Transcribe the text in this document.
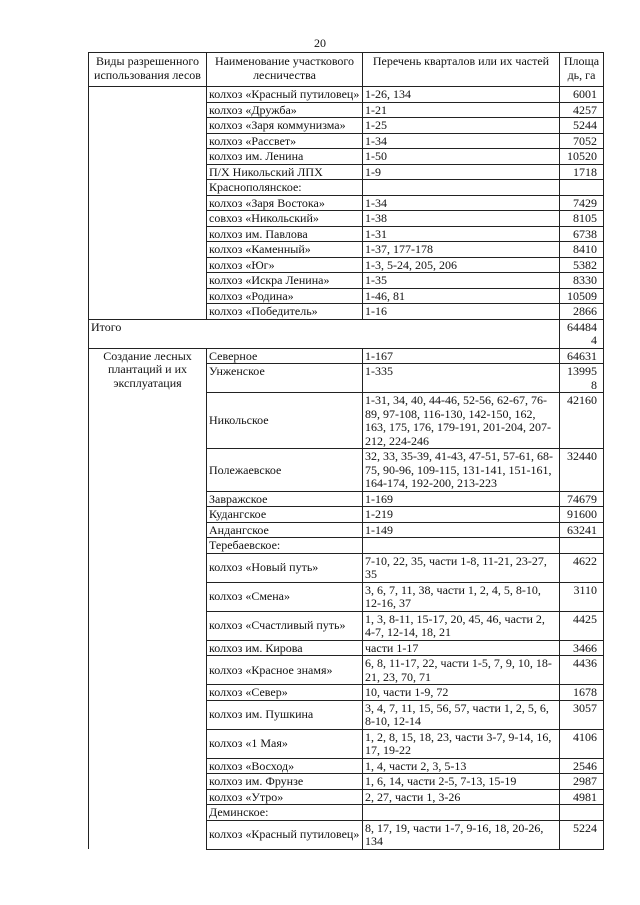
20
Виды разрешенного использования лесов	Наименование участкового лесничества	Перечень кварталов или их частей	Площадь, га
	колхоз «Красный путиловец»	1-26, 134	6001
	колхоз «Дружба»	1-21	4257
	колхоз «Заря коммунизма»	1-25	5244
	колхоз «Рассвет»	1-34	7052
	колхоз им. Ленина	1-50	10520
	П/Х Никольский ЛПХ	1-9	1718
	Краснополянское:		
	колхоз «Заря Востока»	1-34	7429
	совхоз «Никольский»	1-38	8105
	колхоз им. Павлова	1-31	6738
	колхоз «Каменный»	1-37, 177-178	8410
	колхоз «Юг»	1-3, 5-24, 205, 206	5382
	колхоз «Искра Ленина»	1-35	8330
	колхоз «Родина»	1-46, 81	10509
	колхоз «Победитель»	1-16	2866
Итого			644844
Создание лесных плантаций и их эксплуатация	Северное	1-167	64631
	Унженское	1-335	139958
	Никольское	1-31, 34, 40, 44-46, 52-56, 62-67, 76-89, 97-108, 116-130, 142-150, 162, 163, 175, 176, 179-191, 201-204, 207-212, 224-246	42160
	Полежаевское	32, 33, 35-39, 41-43, 47-51, 57-61, 68-75, 90-96, 109-115, 131-141, 151-161, 164-174, 192-200, 213-223	32440
	Завражское	1-169	74679
	Кудангское	1-219	91600
	Андангское	1-149	63241
	Теребаевское:		
	колхоз «Новый путь»	7-10, 22, 35, части 1-8, 11-21, 23-27, 35	4622
	колхоз «Смена»	3, 6, 7, 11, 38, части 1, 2, 4, 5, 8-10, 12-16, 37	3110
	колхоз «Счастливый путь»	1, 3, 8-11, 15-17, 20, 45, 46, части 2, 4-7, 12-14, 18, 21	4425
	колхоз им. Кирова	части 1-17	3466
	колхоз «Красное знамя»	6, 8, 11-17, 22, части 1-5, 7, 9, 10, 18-21, 23, 70, 71	4436
	колхоз «Север»	10, части 1-9, 72	1678
	колхоз им. Пушкина	3, 4, 7, 11, 15, 56, 57, части 1, 2, 5, 6, 8-10, 12-14	3057
	колхоз «1 Мая»	1, 2, 8, 15, 18, 23, части 3-7, 9-14, 16, 17, 19-22	4106
	колхоз «Восход»	1, 4, части 2, 3, 5-13	2546
	колхоз им. Фрунзе	1, 6, 14, части 2-5, 7-13, 15-19	2987
	колхоз «Утро»	2, 27, части 1, 3-26	4981
	Деминское:		
	колхоз «Красный путиловец»	8, 17, 19, части 1-7, 9-16, 18, 20-26, 134	5224
